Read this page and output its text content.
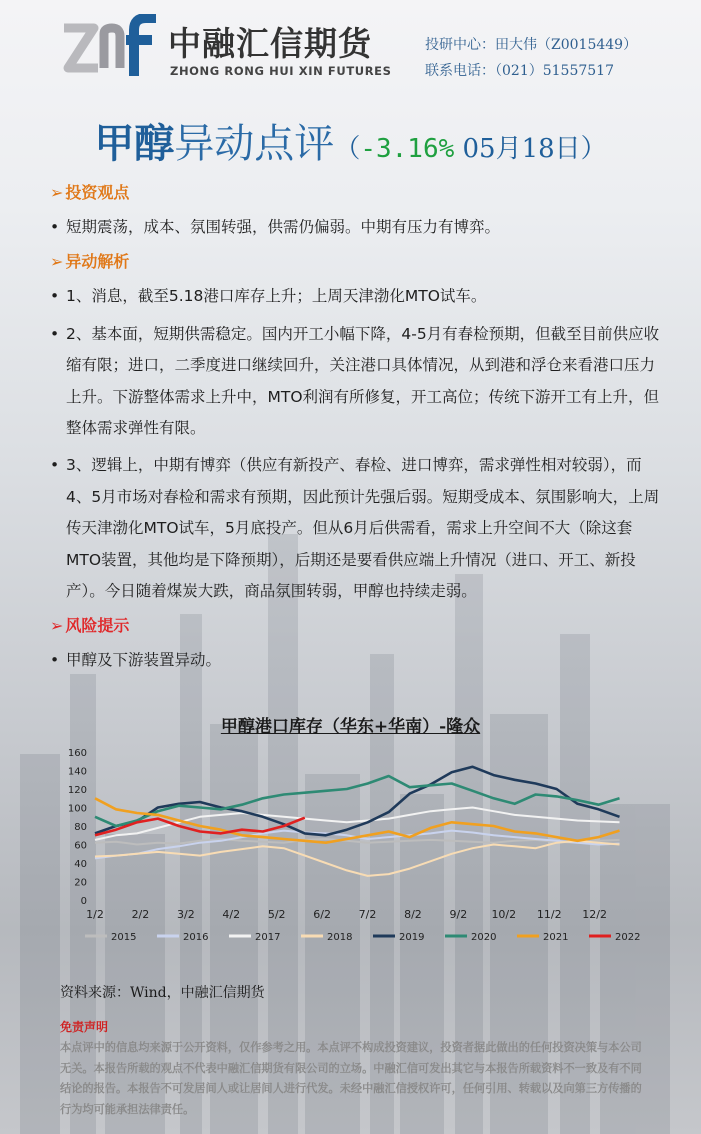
中融汇信期货
ZHONG RONG HUI XIN FUTURES
投研中心：田大伟（Z0015449）
联系电话：（021）51557517
甲醇异动点评（-3.16% 05月18日）
➢ 投资观点
• 短期震荡，成本、氛围转强，供需仍偏弱。中期有压力有博弈。
➢ 异动解析
• 1、消息，截至5.18港口库存上升；上周天津渤化MTO试车。
• 2、基本面，短期供需稳定。国内开工小幅下降，4-5月有春检预期，但截至目前供应收缩有限；进口，二季度进口继续回升，关注港口具体情况，从到港和浮仓来看港口压力上升。下游整体需求上升中，MTO利润有所修复，开工高位；传统下游开工有上升，但整体需求弹性有限。
• 3、逻辑上，中期有博弈（供应有新投产、春检、进口博弈，需求弹性相对较弱），而4、5月市场对春检和需求有预期，因此预计先强后弱。短期受成本、氛围影响大，上周传天津渤化MTO试车，5月底投产。但从6月后供需看，需求上升空间不大（除这套MTO装置，其他均是下降预期），后期还是要看供应端上升情况（进口、开工、新投产）。今日随着煤炭大跌，商品氛围转弱，甲醇也持续走弱。
➢ 风险提示
• 甲醇及下游装置异动。
甲醇港口库存（华东+华南）-隆众
0
20
40
60
80
100
120
140
160
1/2	2/2	3/2	4/2	5/2	6/2	7/2	8/2	9/2 10/2 11/2 12/2
2015	2016	2017	2018	2019	2020	2021	2022
资料来源：Wind，中融汇信期货
免责声明
本点评中的信息均来源于公开资料，仅作参考之用。本点评不构成投资建议，投资者据此做出的任何投资决策与本公司无关。本报告所载的观点不代表中融汇信期货有限公司的立场。中融汇信可发出其它与本报告所载资料不一致及有不同结论的报告。本报告不可发居间人或让居间人进行代发。未经中融汇信授权许可，任何引用、转载以及向第三方传播的行为均可能承担法律责任。
